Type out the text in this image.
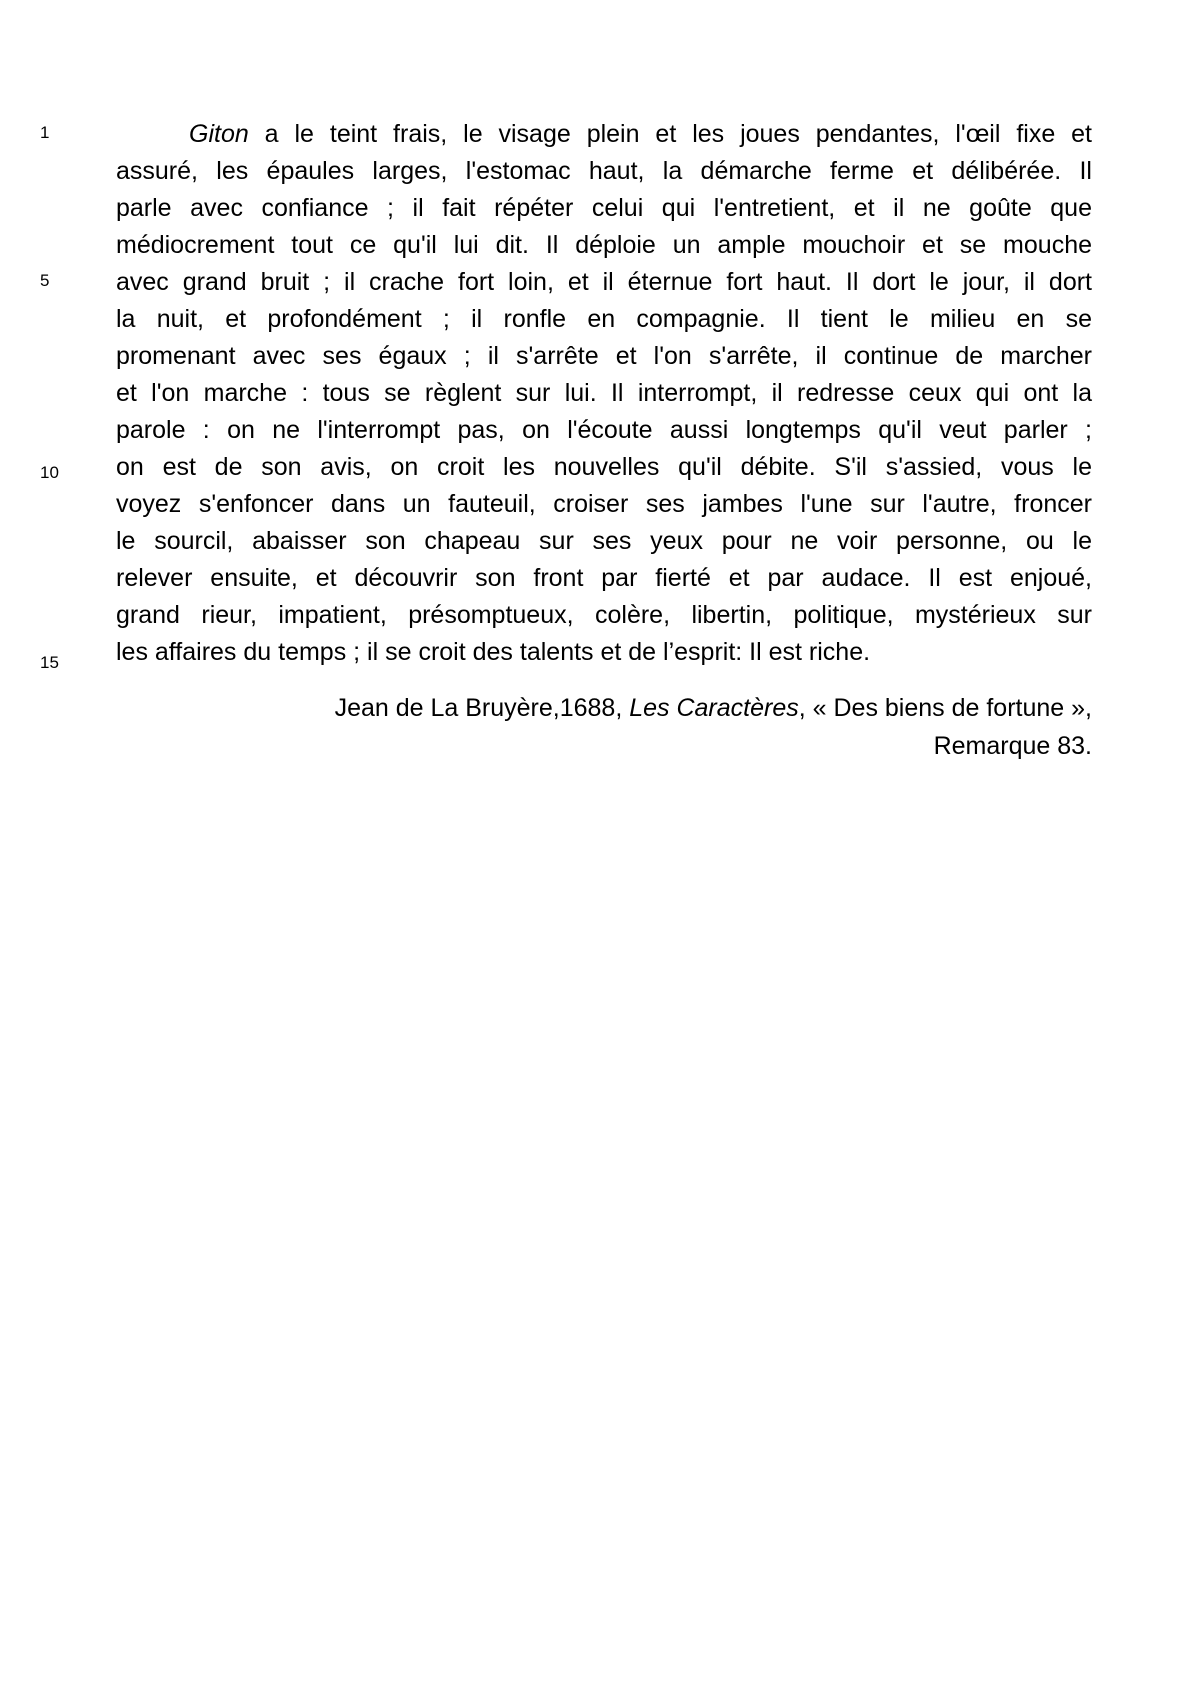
1
5
10
15
Giton a le teint frais, le visage plein et les joues pendantes, l'œil fixe et
assuré, les épaules larges, l'estomac haut, la démarche ferme et délibérée. Il
parle avec confiance ; il fait répéter celui qui l'entretient, et il ne goûte que
médiocrement tout ce qu'il lui dit. Il déploie un ample mouchoir et se mouche
avec grand bruit ; il crache fort loin, et il éternue fort haut. Il dort le jour, il dort
la nuit, et profondément ; il ronfle en compagnie. Il tient le milieu en se
promenant avec ses égaux ; il s'arrête et l'on s'arrête, il continue de marcher
et l'on marche : tous se règlent sur lui. Il interrompt, il redresse ceux qui ont la
parole : on ne l'interrompt pas, on l'écoute aussi longtemps qu'il veut parler ;
on est de son avis, on croit les nouvelles qu'il débite. S'il s'assied, vous le
voyez s'enfoncer dans un fauteuil, croiser ses jambes l'une sur l'autre, froncer
le sourcil, abaisser son chapeau sur ses yeux pour ne voir personne, ou le
relever ensuite, et découvrir son front par fierté et par audace. Il est enjoué,
grand rieur, impatient, présomptueux, colère, libertin, politique, mystérieux sur
les affaires du temps ; il se croit des talents et de l’esprit: Il est riche.
Jean de La Bruyère,1688, Les Caractères, « Des biens de fortune »,
Remarque 83.
